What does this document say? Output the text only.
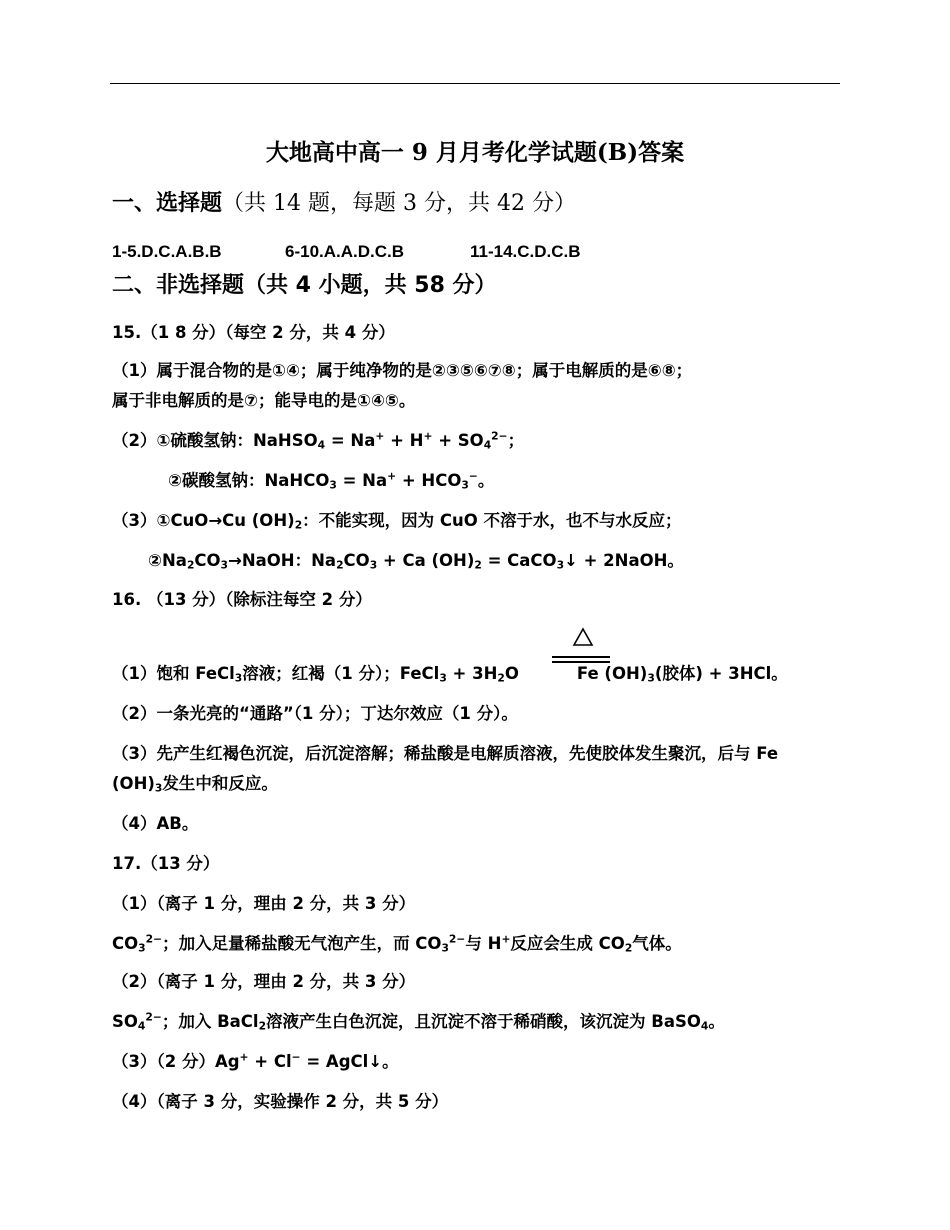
大地高中高一 9 月月考化学试题(B)答案
一、选择题（共 14 题，每题 3 分，共 42 分）
1-5.D.C.A.B.B	6-10.A.A.D.C.B	11-14.C.D.C.B
二、非选择题（共 4 小题，共 58 分）
15.（1 8 分）（每空 2 分，共 4 分）
（1）属于混合物的是①④；属于纯净物的是②③⑤⑥⑦⑧；属于电解质的是⑥⑧；
属于非电解质的是⑦；能导电的是①④⑤。
（2）①硫酸氢钠：NaHSO$_4$ = $Na^+ + H^+ + SO_4^{2-}$；
②碳酸氢钠：NaHCO$_3$ = $Na^+ + HCO_3^-$。
（3）①CuO→Cu $(OH)_2$：不能实现，因为 CuO 不溶于水，也不与水反应；
$②Na_2CO_3\to NaOH$：$Na_2CO_3 + Ca$ $(OH)_2$ = CaCO$_3$↓ + 2NaOH。
16. （13 分）（除标注每空 2 分）
（1）饱和 FeCl$_3$溶液；红褐（1 分）；FeCl$_3$ + $3H_2O$	Fe $(OH)_3$(胶体) + 3HCl。
（2）一条光亮的“通路”（1 分）；丁达尔效应（1 分）。
（3）先产生红褐色沉淀，后沉淀溶解；稀盐酸是电解质溶液，先使胶体发生聚沉，后与 Fe
$(OH)_3$发生中和反应。
（4）AB。
17.（13 分）
（1）（离子 1 分，理由 2 分，共 3 分）
$CO_3^{2-}$；加入足量稀盐酸无气泡产生，而 $CO_3^{2-}$与 H+反应会生成 $CO_2$气体。
（2）（离子 1 分，理由 2 分，共 3 分）
$SO_4^{2-}$；加入 BaCl$_2$溶液产生白色沉淀，且沉淀不溶于稀硝酸，该沉淀为 BaSO$_4$。
（3）（2 分）Ag+ + Cl− = AgCl↓。
（4）（离子 3 分，实验操作 2 分，共 5 分）
